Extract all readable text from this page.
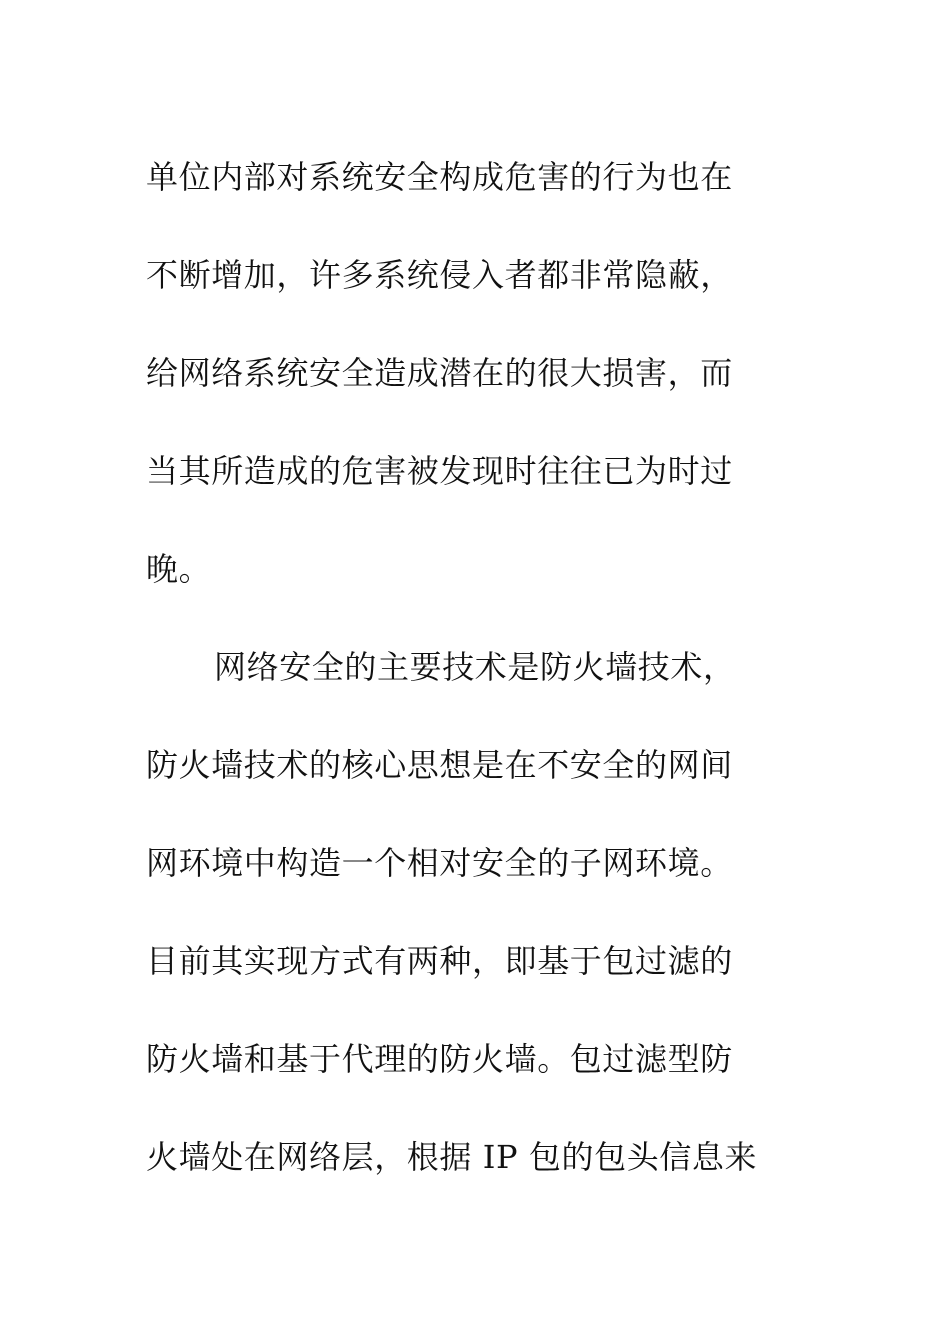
单位内部对系统安全构成危害的行为也在
不断增加，许多系统侵入者都非常隐蔽，
给网络系统安全造成潜在的很大损害，而
当其所造成的危害被发现时往往已为时过
晚。
网络安全的主要技术是防火墙技术，
防火墙技术的核心思想是在不安全的网间
网环境中构造一个相对安全的子网环境。
目前其实现方式有两种，即基于包过滤的
防火墙和基于代理的防火墙。包过滤型防
火墙处在网络层，根据 IP 包的包头信息来
